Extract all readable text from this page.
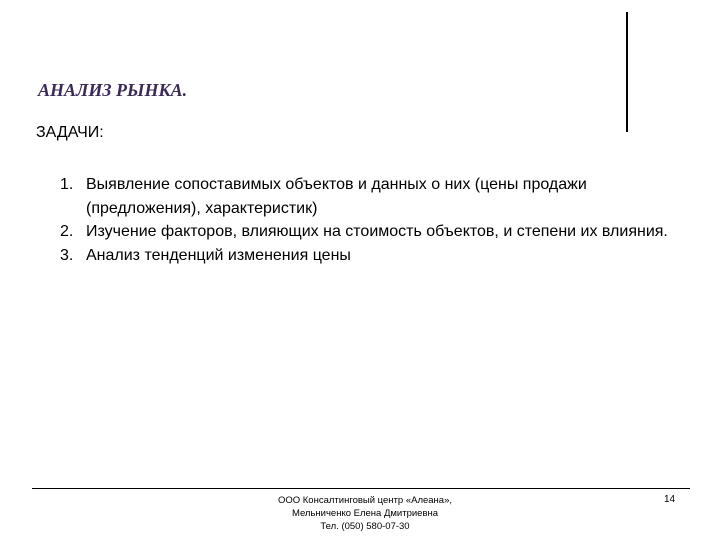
АНАЛИЗ РЫНКА.
ЗАДАЧИ:
1. Выявление сопоставимых объектов и данных о них (цены продажи (предложения), характеристик)
2. Изучение факторов, влияющих на стоимость объектов, и степени их влияния.
3. Анализ тенденций изменения цены
ООО Консалтинговый центр «Алеана»,
Мельниченко Елена Дмитриевна
Тел. (050) 580-07-30
14
